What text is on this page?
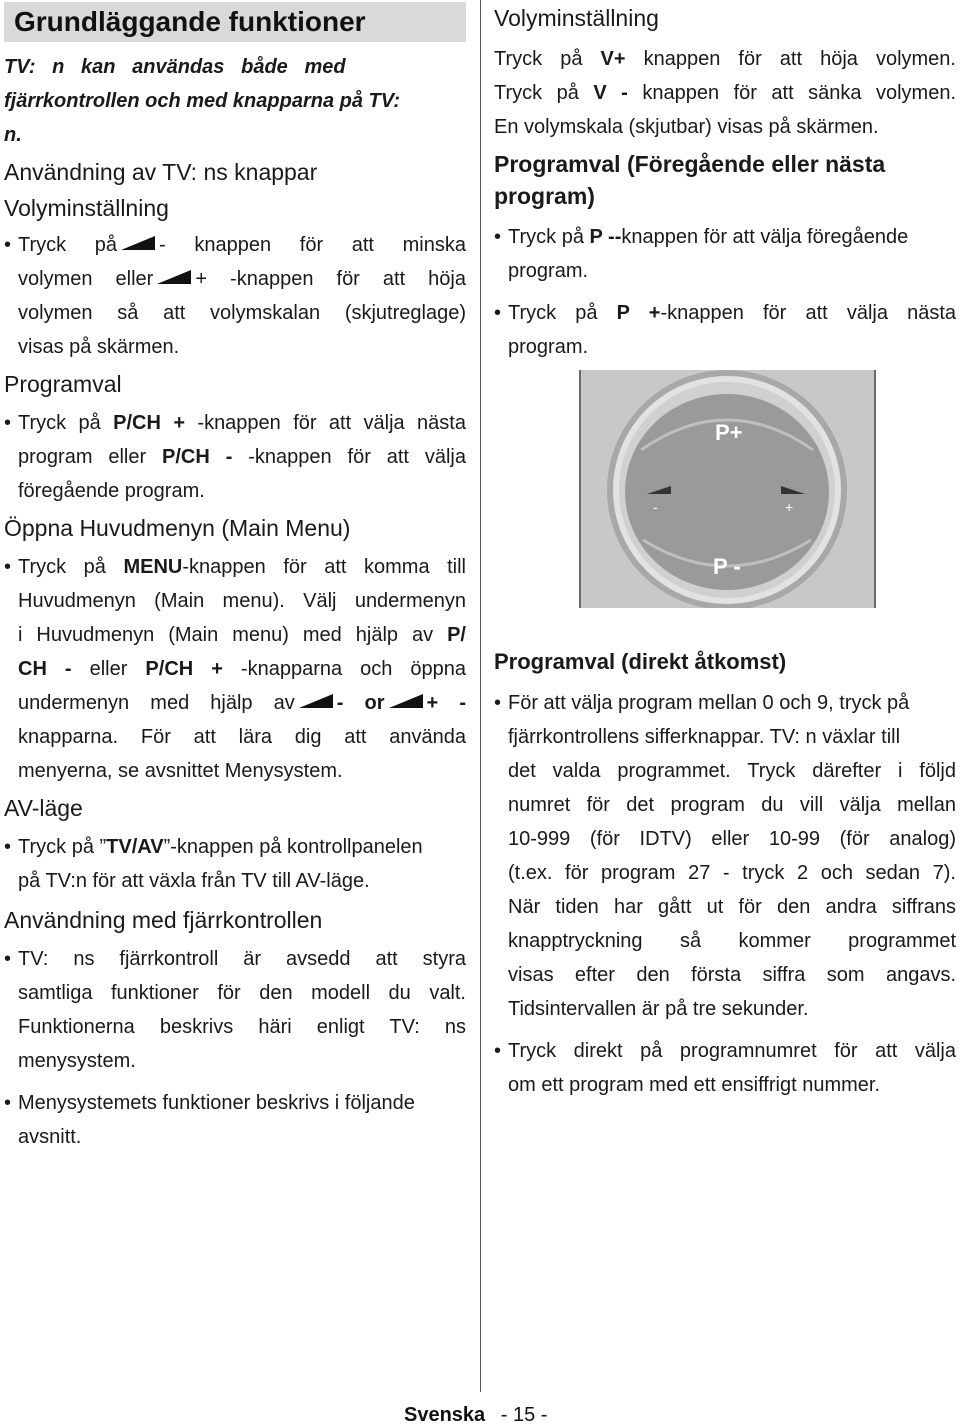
Grundläggande funktioner

TV:   n   kan   användas   både   med

fjärrkontrollen och med knapparna på TV:

n.

Användning av TV: ns knappar

Volyminställning

• Tryck på - knappen för att minska

volymen eller + -knappen för att höja

volymen så att volymskalan (skjutreglage)

visas på skärmen.

Programval

• Tryck på P/CH + -knappen för att välja nästa

program eller P/CH - -knappen för att välja

föregående program.

Öppna Huvudmenyn (Main Menu)

• Tryck på MENU-knappen för att komma till

Huvudmenyn (Main menu). Välj undermenyn

i Huvudmenyn (Main menu) med hjälp av P/

CH - eller P/CH + -knapparna och öppna

undermenyn med hjälp av - or + -

knapparna. För att lära dig att använda

menyerna, se avsnittet Menysystem.

AV-läge

• Tryck på ”TV/AV”-knappen på kontrollpanelen

på TV:n för att växla från TV till AV-läge.

Användning med fjärrkontrollen

• TV: ns fjärrkontroll är avsedd att styra

samtliga funktioner för den modell du valt.

Funktionerna beskrivs häri enligt TV: ns

menysystem.

• Menysystemets funktioner beskrivs i följande

avsnitt.

Volyminställning

Tryck på V+ knappen för att höja volymen.

Tryck på V - knappen för att sänka volymen.

En volymskala (skjutbar) visas på skärmen.

Programval (Föregående eller nästa

program)

• Tryck på P --knappen för att välja föregående

program.

• Tryck på P +-knappen för att välja nästa

program.

Programval (direkt åtkomst)

• För att välja program mellan 0 och 9, tryck på

fjärrkontrollens sifferknappar. TV: n växlar till

det valda programmet. Tryck därefter i följd

numret för det program du vill välja mellan

10-999 (för IDTV) eller 10-99 (för analog)

(t.ex. för program 27 - tryck 2 och sedan 7).

När tiden har gått ut för den andra siffrans

knapptryckning så kommer programmet

visas efter den första siffra som angavs.

Tidsintervallen är på tre sekunder.

• Tryck direkt på programnumret för att välja

om ett program med ett ensiffrigt nummer.

P+
P -
-	+
Svenska - 15 -
